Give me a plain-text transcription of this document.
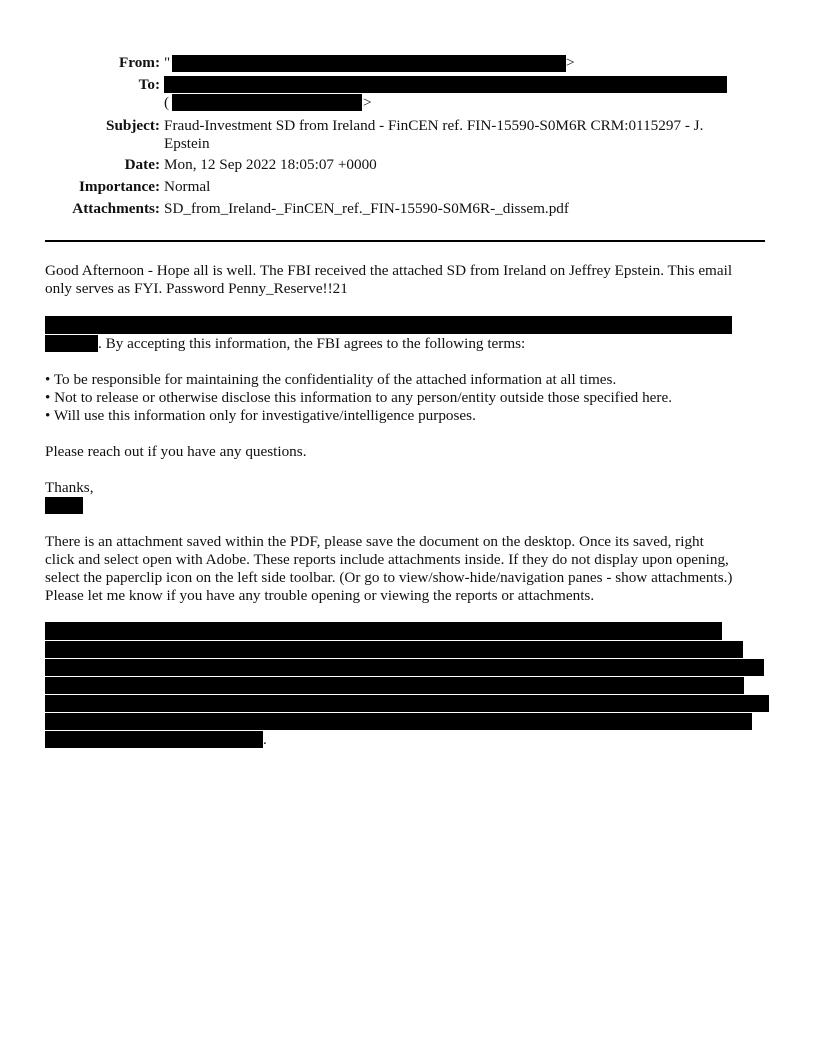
From: "	>
To:
(	>
Subject: Fraud-Investment SD from Ireland - FinCEN ref. FIN-15590-S0M6R CRM:0115297 - J.
Epstein
Date: Mon, 12 Sep 2022 18:05:07 +0000
Importance: Normal
Attachments: SD_from_Ireland-_FinCEN_ref._FIN-15590-S0M6R-_dissem.pdf
Good Afternoon - Hope all is well. The FBI received the attached SD from Ireland on Jeffrey Epstein. This email
only serves as FYI. Password Penny_Reserve!!21
. By accepting this information, the FBI agrees to the following terms:
• To be responsible for maintaining the confidentiality of the attached information at all times.
• Not to release or otherwise disclose this information to any person/entity outside those specified here.
• Will use this information only for investigative/intelligence purposes.
Please reach out if you have any questions.
Thanks,
There is an attachment saved within the PDF, please save the document on the desktop. Once its saved, right
click and select open with Adobe. These reports include attachments inside. If they do not display upon opening,
select the paperclip icon on the left side toolbar. (Or go to view/show-hide/navigation panes - show attachments.)
Please let me know if you have any trouble opening or viewing the reports or attachments.
.
